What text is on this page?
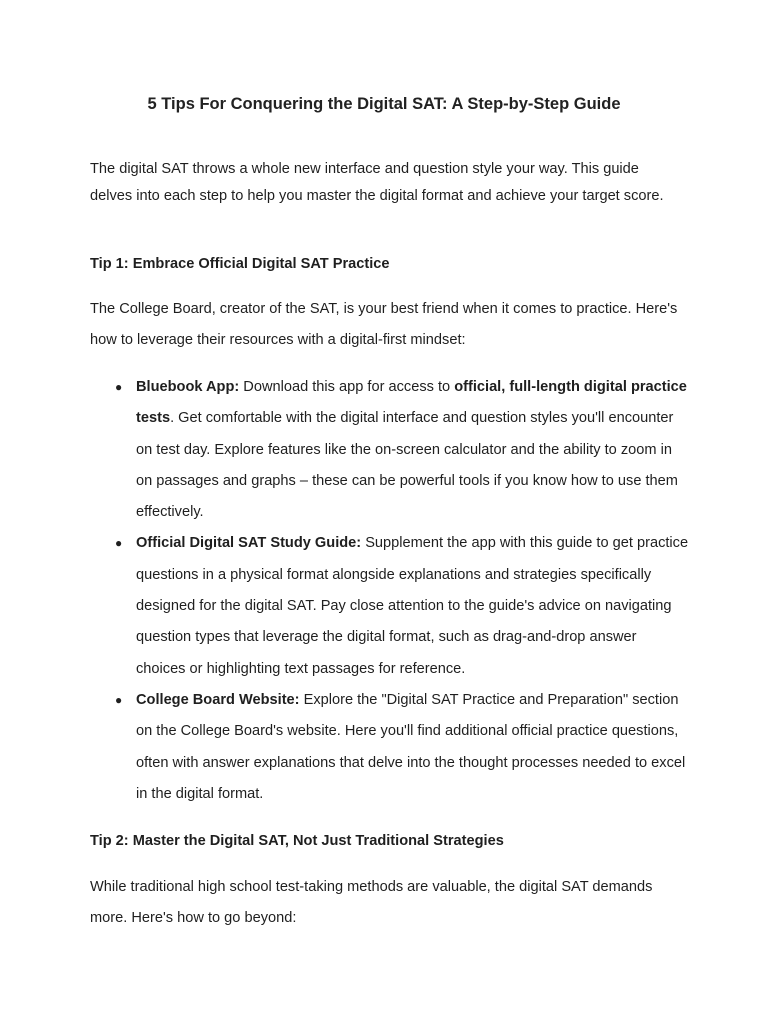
5 Tips For Conquering the Digital SAT: A Step-by-Step Guide

The digital SAT throws a whole new interface and question style your way. This guide delves into each step to help you master the digital format and achieve your target score.

Tip 1: Embrace Official Digital SAT Practice

The College Board, creator of the SAT, is your best friend when it comes to practice. Here's how to leverage their resources with a digital-first mindset:

● Bluebook App: Download this app for access to official, full-length digital practice tests. Get comfortable with the digital interface and question styles you'll encounter on test day. Explore features like the on-screen calculator and the ability to zoom in on passages and graphs – these can be powerful tools if you know how to use them effectively.
● Official Digital SAT Study Guide: Supplement the app with this guide to get practice questions in a physical format alongside explanations and strategies specifically designed for the digital SAT. Pay close attention to the guide's advice on navigating question types that leverage the digital format, such as drag-and-drop answer choices or highlighting text passages for reference.
● College Board Website: Explore the "Digital SAT Practice and Preparation" section on the College Board's website. Here you'll find additional official practice questions, often with answer explanations that delve into the thought processes needed to excel in the digital format.
Tip 2: Master the Digital SAT, Not Just Traditional Strategies

While traditional high school test-taking methods are valuable, the digital SAT demands more. Here's how to go beyond:
